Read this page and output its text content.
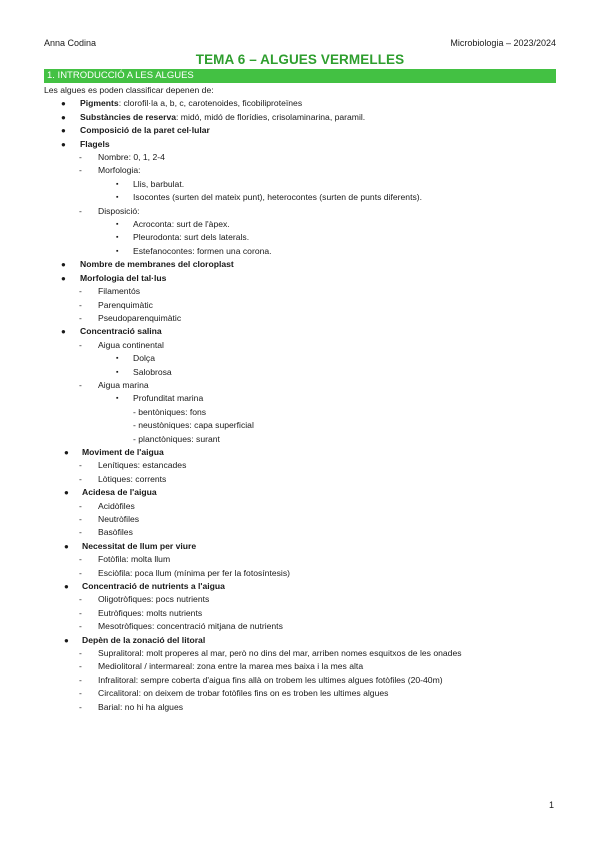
Anna Codina	Microbiologia – 2023/2024
TEMA 6 – ALGUES VERMELLES
1. INTRODUCCIÓ A LES ALGUES
Les algues es poden classificar depenen de:
● Pigments: clorofil·la a, b, c, carotenoides, ficobiliproteïnes
● Substàncies de reserva: midó, midó de florídies, crisolaminarina, paramil.
● Composició de la paret cel·lular
● Flagels
- Nombre: 0, 1, 2-4
- Morfologia:
▪ Llis, barbulat.
▪ Isocontes (surten del mateix punt), heterocontes (surten de punts diferents).
- Disposició:
▪ Acroconta: surt de l'àpex.
▪ Pleurodonta: surt dels laterals.
▪ Estefanocontes: formen una corona.
● Nombre de membranes del cloroplast
● Morfologia del tal·lus
- Filamentós
- Parenquimàtic
- Pseudoparenquimàtic
● Concentració salina
- Aigua continental
▪ Dolça
▪ Salobrosa
- Aigua marina
▪ Profunditat marina
- bentòniques: fons
- neustòniques: capa superficial
- planctòniques: surant
● Moviment de l'aigua
- Lenítiques: estancades
- Lòtiques: corrents
● Acidesa de l'aigua
- Acidòfiles
- Neutròfiles
- Basòfiles
● Necessitat de llum per viure
- Fotòfila: molta llum
- Esciòfila: poca llum (mínima per fer la fotosíntesis)
● Concentració de nutrients a l'aigua
- Oligotròfiques: pocs nutrients
- Eutròfiques: molts nutrients
- Mesotròfiques: concentració mitjana de nutrients
● Depèn de la zonació del litoral
- Supralitoral: molt properes al mar, però no dins del mar, arriben nomes esquitxos de les onades
- Mediolitoral / intermareal: zona entre la marea mes baixa i la mes alta
- Infralitoral: sempre coberta d'aigua fins allà on trobem les ultimes algues fotòfiles (20-40m)
- Circalitoral: on deixem de trobar fotòfiles fins on es troben les ultimes algues
- Barial: no hi ha algues
1
